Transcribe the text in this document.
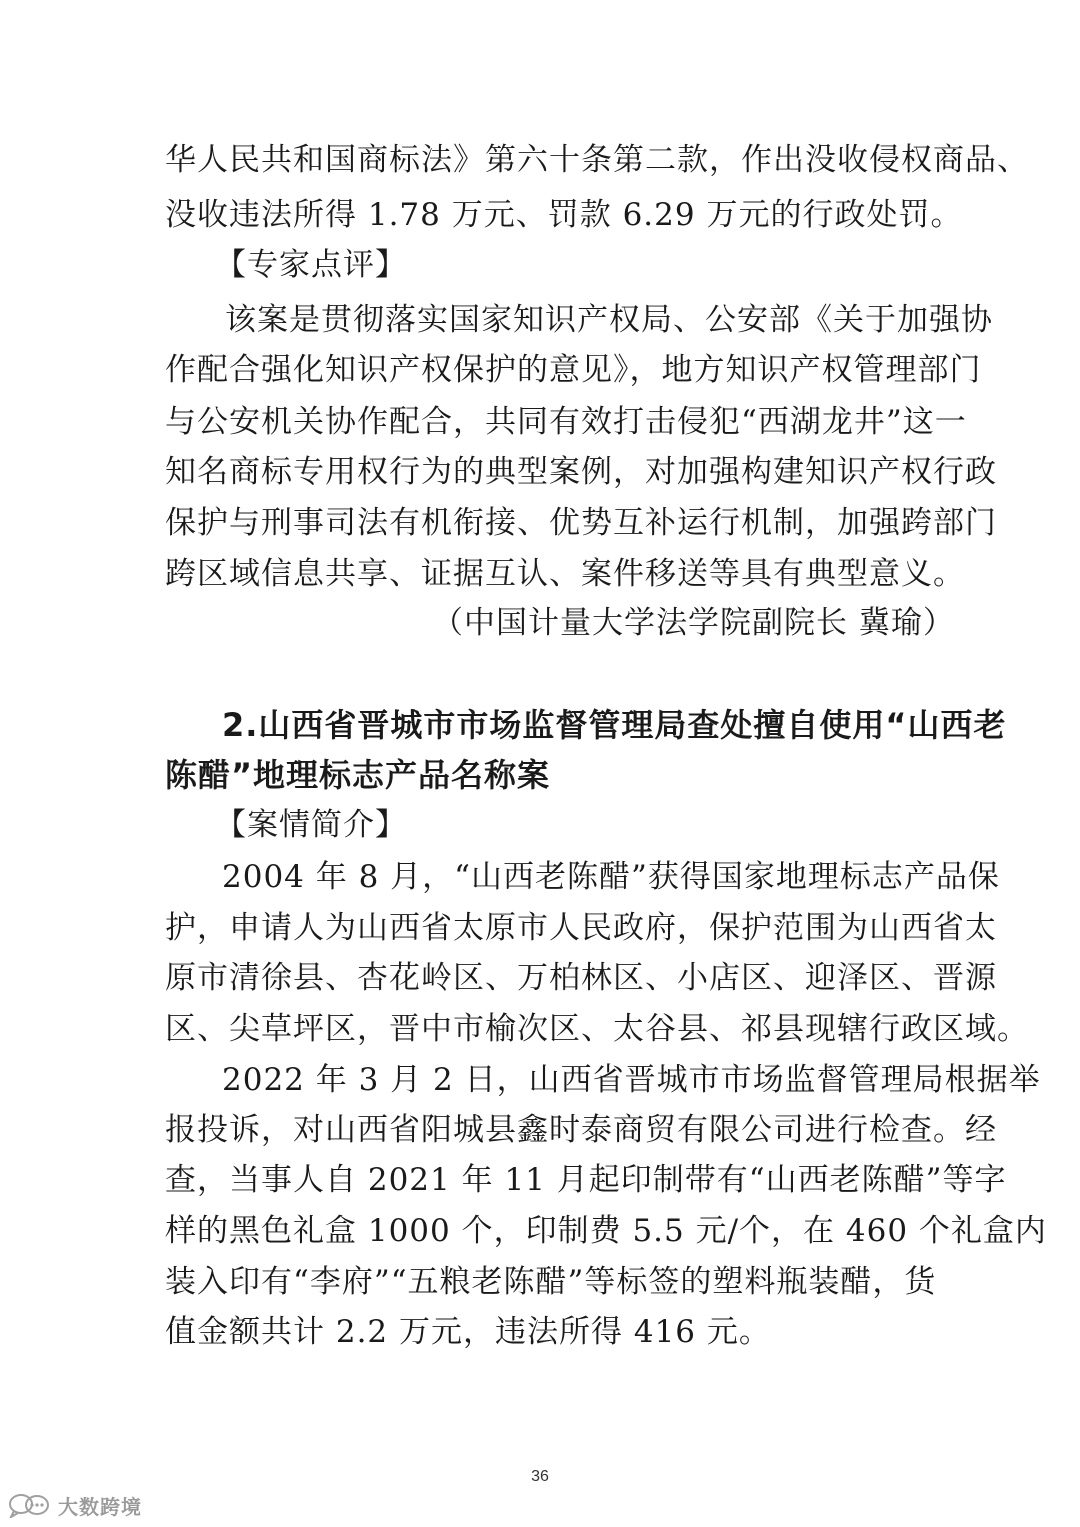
华人民共和国商标法》第六十条第二款，作出没收侵权商品、
没收违法所得 1.78 万元、罚款 6.29 万元的行政处罚。
【专家点评】
该案是贯彻落实国家知识产权局、公安部《关于加强协
作配合强化知识产权保护的意见》，地方知识产权管理部门
与公安机关协作配合，共同有效打击侵犯“西湖龙井”这一
知名商标专用权行为的典型案例，对加强构建知识产权行政
保护与刑事司法有机衔接、优势互补运行机制，加强跨部门
跨区域信息共享、证据互认、案件移送等具有典型意义。
（中国计量大学法学院副院长 冀瑜）
2.山西省晋城市市场监督管理局查处擅自使用“山西老
陈醋”地理标志产品名称案
【案情简介】
2004 年 8 月，“山西老陈醋”获得国家地理标志产品保
护，申请人为山西省太原市人民政府，保护范围为山西省太
原市清徐县、杏花岭区、万柏林区、小店区、迎泽区、晋源
区、尖草坪区，晋中市榆次区、太谷县、祁县现辖行政区域。
2022 年 3 月 2 日，山西省晋城市市场监督管理局根据举
报投诉，对山西省阳城县鑫时泰商贸有限公司进行检查。经
查，当事人自 2021 年 11 月起印制带有“山西老陈醋”等字
样的黑色礼盒 1000 个，印制费 5.5 元/个，在 460 个礼盒内
装入印有“李府”“五粮老陈醋”等标签的塑料瓶装醋，货
值金额共计 2.2 万元，违法所得 416 元。
36
大数跨境
